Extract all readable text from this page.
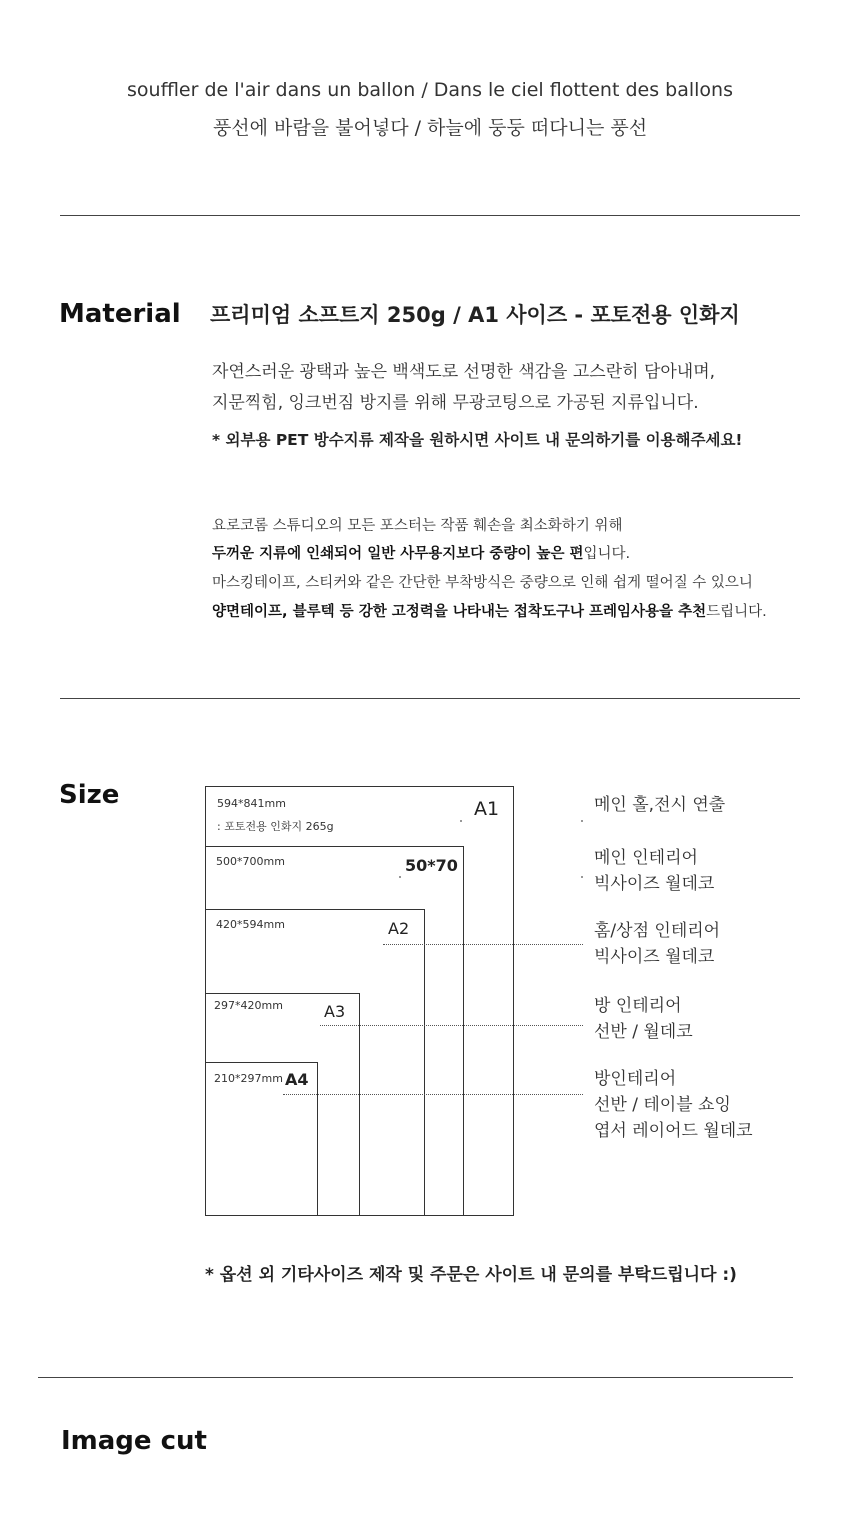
souffler de l'air dans un ballon / Dans le ciel flottent des ballons
풍선에 바람을 불어넣다 / 하늘에 둥둥 떠다니는 풍선
Material 프리미엄 소프트지 250g / A1 사이즈 - 포토전용 인화지
자연스러운 광택과 높은 백색도로 선명한 색감을 고스란히 담아내며,
지문찍힘, 잉크번짐 방지를 위해 무광코팅으로 가공된 지류입니다.
* 외부용 PET 방수지류 제작을 원하시면 사이트 내 문의하기를 이용해주세요!
요로코롬 스튜디오의 모든 포스터는 작품 훼손을 최소화하기 위해
두꺼운 지류에 인쇄되어 일반 사무용지보다 중량이 높은 편입니다.
마스킹테이프, 스티커와 같은 간단한 부착방식은 중량으로 인해 쉽게 떨어질 수 있으니
양면테이프, 블루텍 등 강한 고정력을 나타내는 접착도구나 프레임사용을 추천드립니다.
Size	594*841mm
: 포토전용 인화지 265g
500*700mm
420*594mm
297*420mm
210*297mm
A1
50*70
A2
A3
A4
메인 홀,전시 연출
메인 인테리어
빅사이즈 월데코
홈/상점 인테리어
빅사이즈 월데코
방 인테리어
선반 / 월데코
방인테리어
선반 / 테이블 쇼잉
엽서 레이어드 월데코
* 옵션 외 기타사이즈 제작 및 주문은 사이트 내 문의를 부탁드립니다 :)
Image cut
